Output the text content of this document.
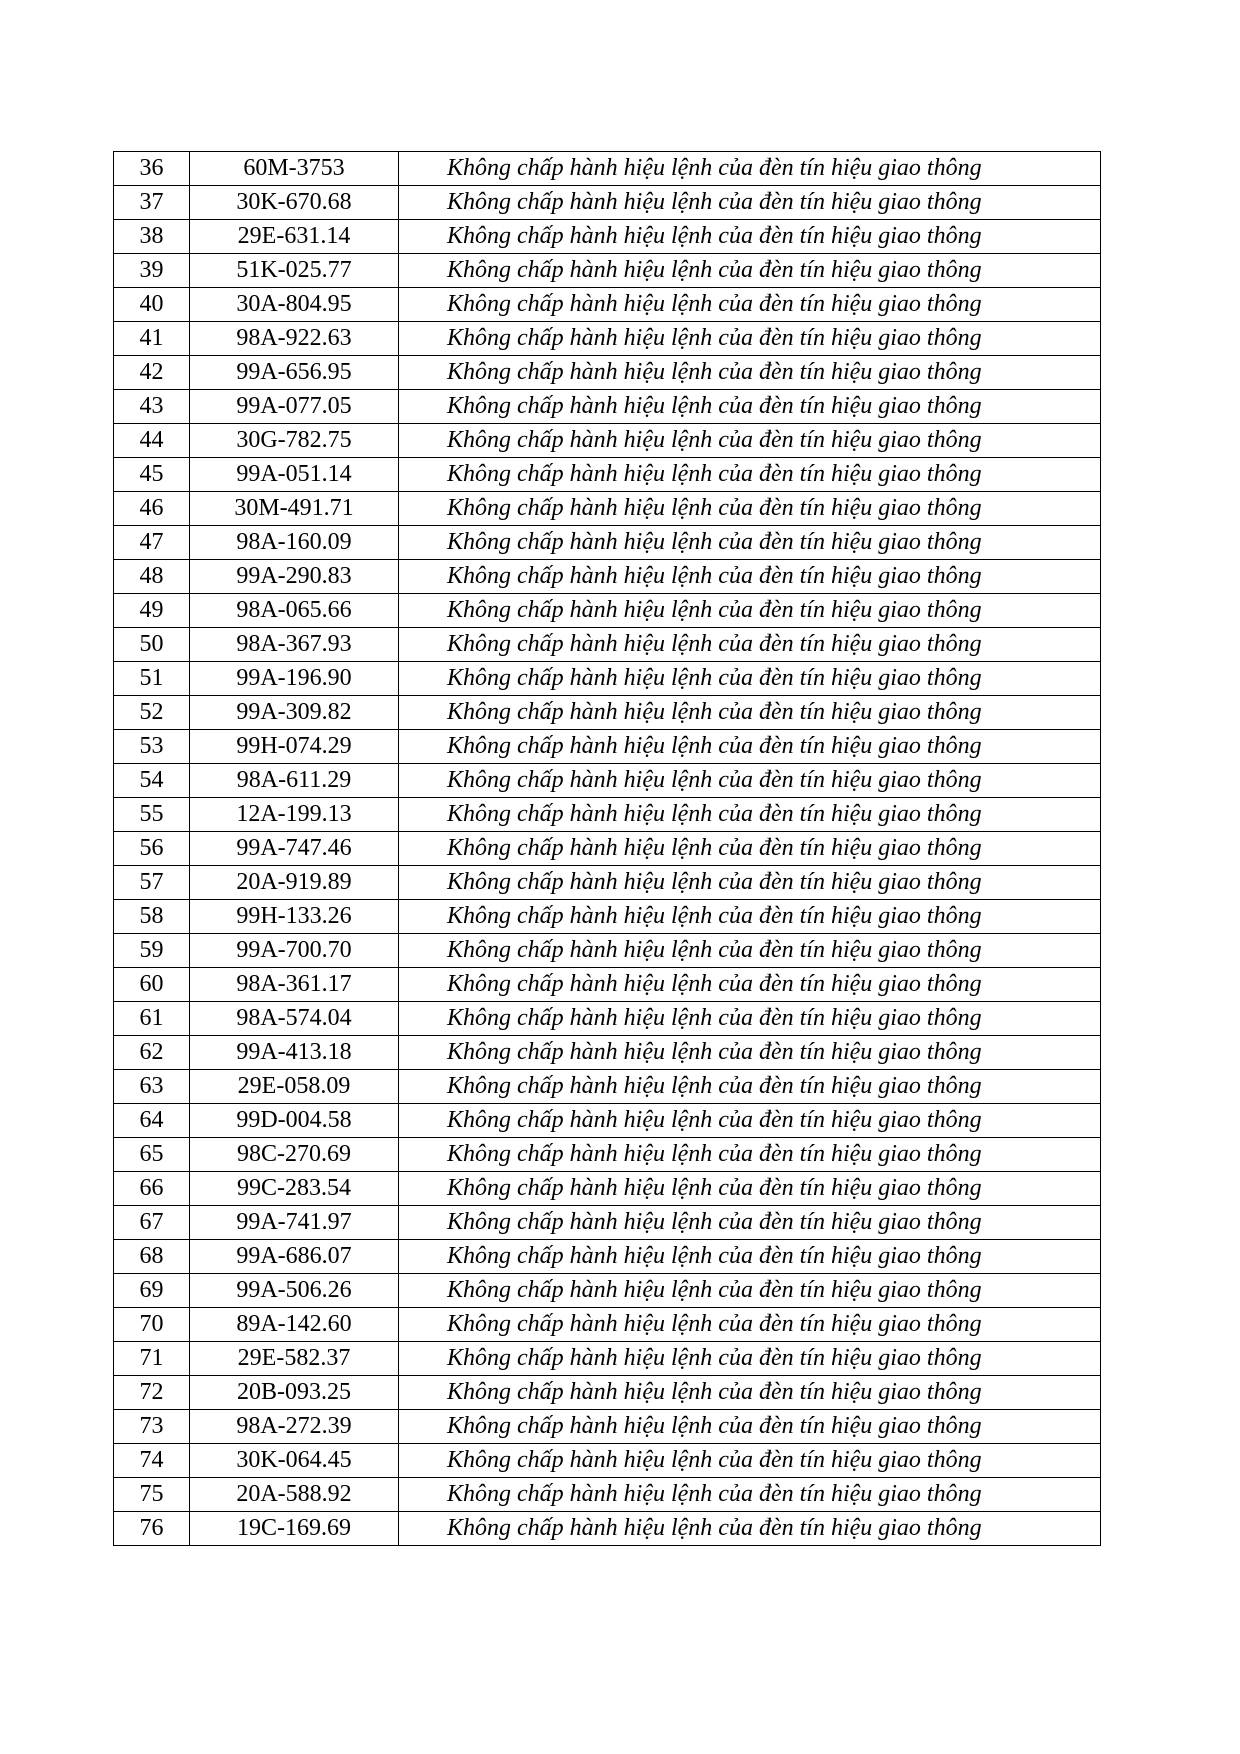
36	60M-3753	Không chấp hành hiệu lệnh của đèn tín hiệu giao thông
37	30K-670.68	Không chấp hành hiệu lệnh của đèn tín hiệu giao thông
38	29E-631.14	Không chấp hành hiệu lệnh của đèn tín hiệu giao thông
39	51K-025.77	Không chấp hành hiệu lệnh của đèn tín hiệu giao thông
40	30A-804.95	Không chấp hành hiệu lệnh của đèn tín hiệu giao thông
41	98A-922.63	Không chấp hành hiệu lệnh của đèn tín hiệu giao thông
42	99A-656.95	Không chấp hành hiệu lệnh của đèn tín hiệu giao thông
43	99A-077.05	Không chấp hành hiệu lệnh của đèn tín hiệu giao thông
44	30G-782.75	Không chấp hành hiệu lệnh của đèn tín hiệu giao thông
45	99A-051.14	Không chấp hành hiệu lệnh của đèn tín hiệu giao thông
46	30M-491.71	Không chấp hành hiệu lệnh của đèn tín hiệu giao thông
47	98A-160.09	Không chấp hành hiệu lệnh của đèn tín hiệu giao thông
48	99A-290.83	Không chấp hành hiệu lệnh của đèn tín hiệu giao thông
49	98A-065.66	Không chấp hành hiệu lệnh của đèn tín hiệu giao thông
50	98A-367.93	Không chấp hành hiệu lệnh của đèn tín hiệu giao thông
51	99A-196.90	Không chấp hành hiệu lệnh của đèn tín hiệu giao thông
52	99A-309.82	Không chấp hành hiệu lệnh của đèn tín hiệu giao thông
53	99H-074.29	Không chấp hành hiệu lệnh của đèn tín hiệu giao thông
54	98A-611.29	Không chấp hành hiệu lệnh của đèn tín hiệu giao thông
55	12A-199.13	Không chấp hành hiệu lệnh của đèn tín hiệu giao thông
56	99A-747.46	Không chấp hành hiệu lệnh của đèn tín hiệu giao thông
57	20A-919.89	Không chấp hành hiệu lệnh của đèn tín hiệu giao thông
58	99H-133.26	Không chấp hành hiệu lệnh của đèn tín hiệu giao thông
59	99A-700.70	Không chấp hành hiệu lệnh của đèn tín hiệu giao thông
60	98A-361.17	Không chấp hành hiệu lệnh của đèn tín hiệu giao thông
61	98A-574.04	Không chấp hành hiệu lệnh của đèn tín hiệu giao thông
62	99A-413.18	Không chấp hành hiệu lệnh của đèn tín hiệu giao thông
63	29E-058.09	Không chấp hành hiệu lệnh của đèn tín hiệu giao thông
64	99D-004.58	Không chấp hành hiệu lệnh của đèn tín hiệu giao thông
65	98C-270.69	Không chấp hành hiệu lệnh của đèn tín hiệu giao thông
66	99C-283.54	Không chấp hành hiệu lệnh của đèn tín hiệu giao thông
67	99A-741.97	Không chấp hành hiệu lệnh của đèn tín hiệu giao thông
68	99A-686.07	Không chấp hành hiệu lệnh của đèn tín hiệu giao thông
69	99A-506.26	Không chấp hành hiệu lệnh của đèn tín hiệu giao thông
70	89A-142.60	Không chấp hành hiệu lệnh của đèn tín hiệu giao thông
71	29E-582.37	Không chấp hành hiệu lệnh của đèn tín hiệu giao thông
72	20B-093.25	Không chấp hành hiệu lệnh của đèn tín hiệu giao thông
73	98A-272.39	Không chấp hành hiệu lệnh của đèn tín hiệu giao thông
74	30K-064.45	Không chấp hành hiệu lệnh của đèn tín hiệu giao thông
75	20A-588.92	Không chấp hành hiệu lệnh của đèn tín hiệu giao thông
76	19C-169.69	Không chấp hành hiệu lệnh của đèn tín hiệu giao thông
